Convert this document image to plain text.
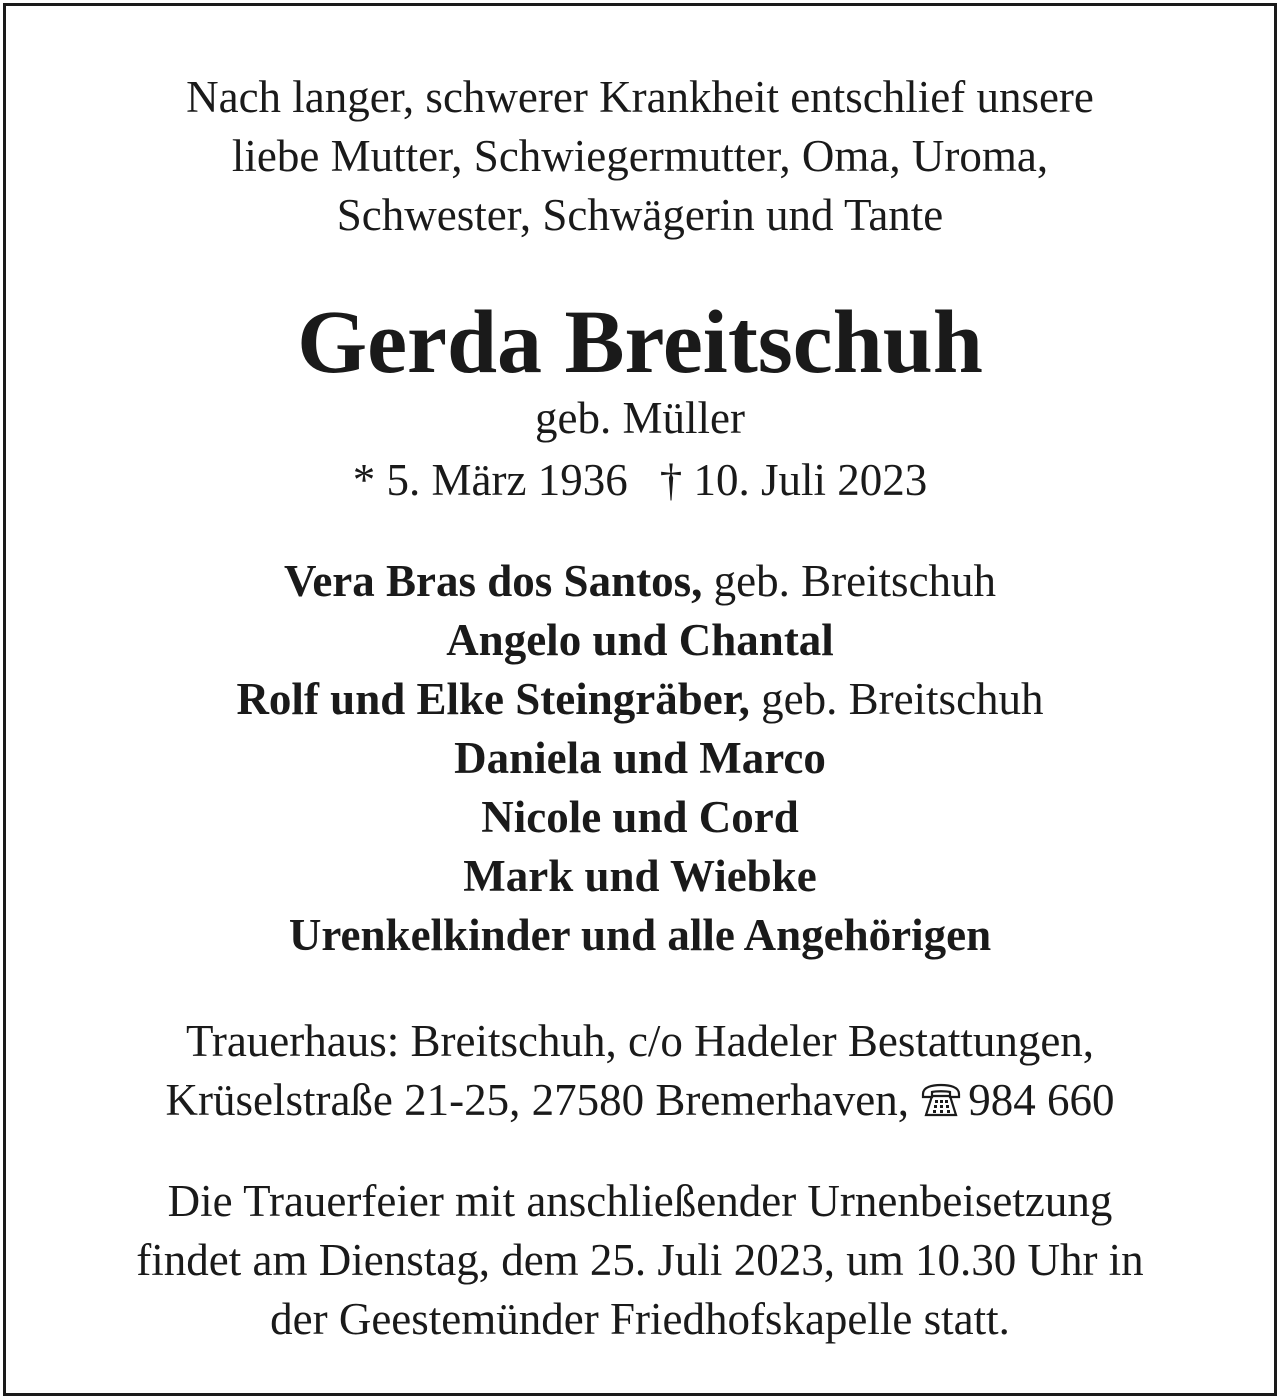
Nach langer, schwerer Krankheit entschlief unsere
liebe Mutter, Schwiegermutter, Oma, Uroma,
Schwester, Schwägerin und Tante
Gerda Breitschuh
geb. Müller
* 5. März 1936 † 10. Juli 2023
Vera Bras dos Santos, geb. Breitschuh
Angelo und Chantal
Rolf und Elke Steingräber, geb. Breitschuh
Daniela und Marco
Nicole und Cord
Mark und Wiebke
Urenkelkinder und alle Angehörigen
Trauerhaus: Breitschuh, c/o Hadeler Bestattungen,
Krüselstraße 21-25, 27580 Bremerhaven, 984 660
Die Trauerfeier mit anschließender Urnenbeisetzung
findet am Dienstag, dem 25. Juli 2023, um 10.30 Uhr in
der Geestemünder Friedhofskapelle statt.
